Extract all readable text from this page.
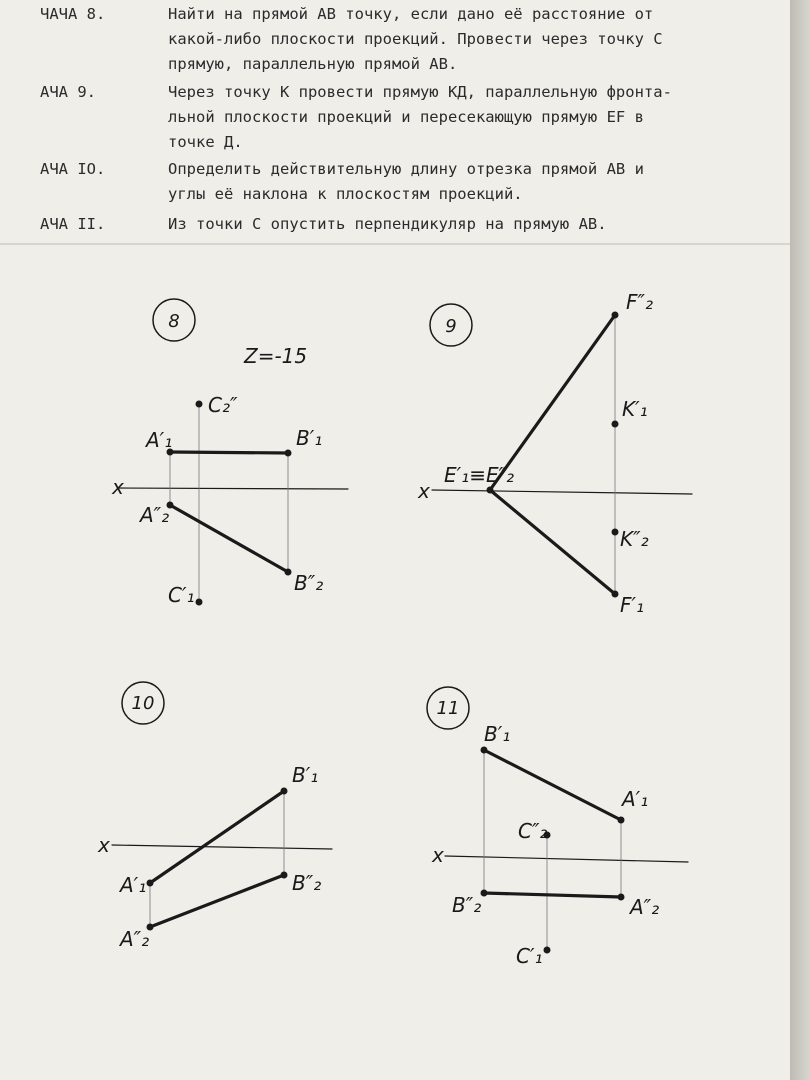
ЧАЧА 8.	Найти на прямой АВ точку, если дано её расстояние от
какой-либо плоскости проекций. Провести через точку С
прямую, параллельную прямой АВ.
АЧА 9.	Через точку К провести прямую КД, параллельную фронта-
льной плоскости проекций и пересекающую прямую ЕF в
точке Д.
АЧА IO.	Определить действительную длину отрезка прямой АВ и
углы её наклона к плоскостям проекций.
АЧА II.	Из точки С опустить перпендикуляр на прямую АВ.
8
Z=-15
x
C₂″
A′₁	B′₁
A″₂
B″₂
C′₁
9
x
F″₂
K′₁
E′₁≡E″₂
K″₂
F′₁
10
x
B′₁
A′₁	B″₂
A″₂
11
x
B′₁
A′₁
C″₂
B″₂	A″₂
C′₁
